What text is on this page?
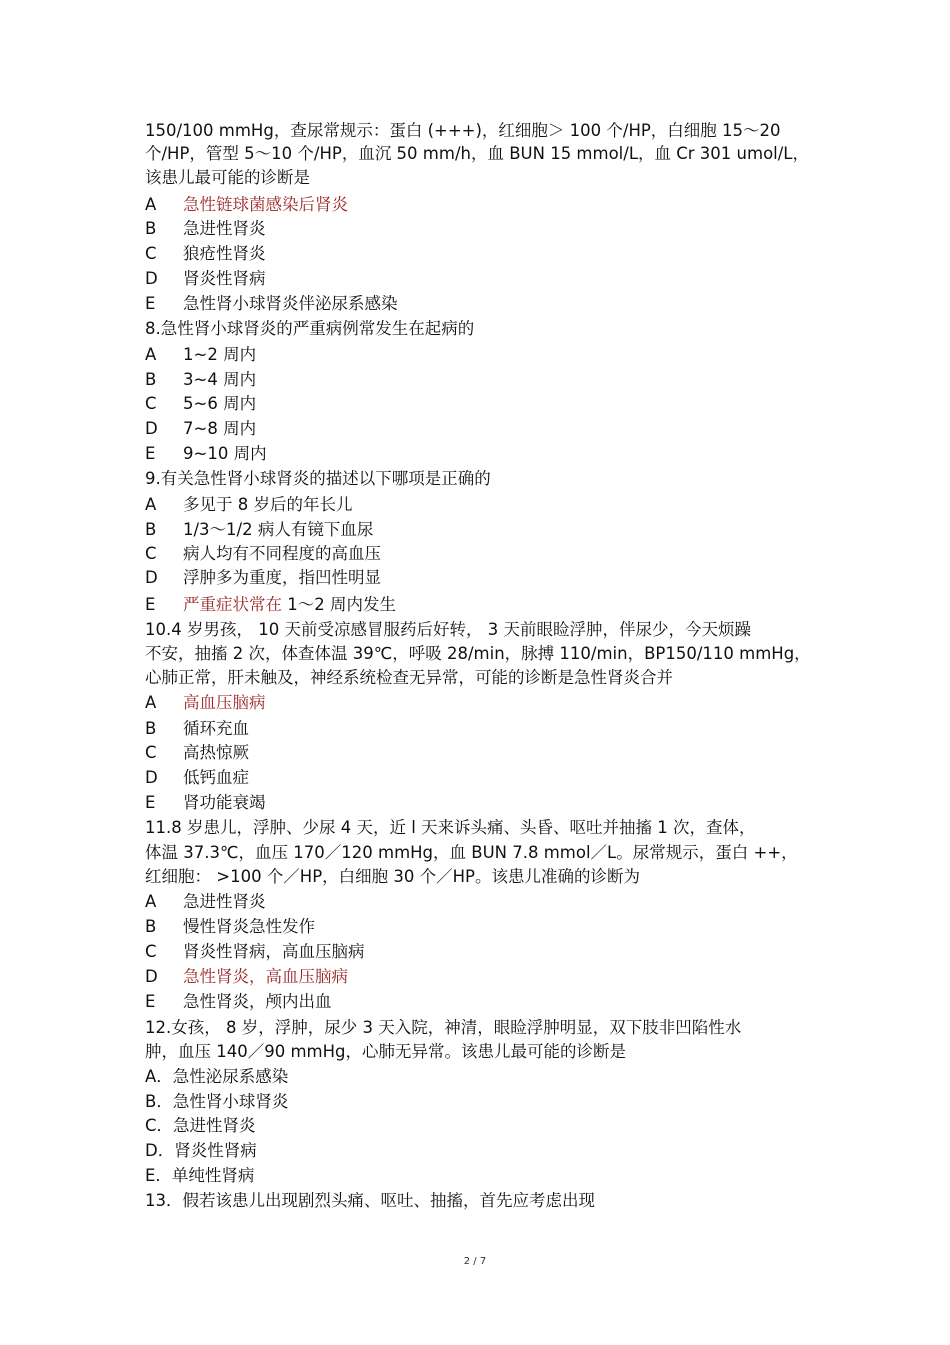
150/100 mmHg，查尿常规示：蛋白 (+++)，红细胞＞ 100 个/HP，白细胞 15～20
个/HP，管型 5～10 个/HP，血沉 50 mm/h，血 BUN 15 mmol/L，血 Cr 301 umol/L，
该患儿最可能的诊断是
A 急性链球菌感染后肾炎
B 急进性肾炎
C 狼疮性肾炎
D 肾炎性肾病
E 急性肾小球肾炎伴泌尿系感染
8.急性肾小球肾炎的严重病例常发生在起病的
A 1~2 周内
B 3~4 周内
C 5~6 周内
D 7~8 周内
E 9~10 周内
9.有关急性肾小球肾炎的描述以下哪项是正确的
A 多见于 8 岁后的年长儿
B 1/3～1/2 病人有镜下血尿
C 病人均有不同程度的高血压
D 浮肿多为重度，指凹性明显
E 严重症状常在 1～2 周内发生
10.4 岁男孩， 10 天前受凉感冒服药后好转， 3 天前眼睑浮肿，伴尿少，今天烦躁
不安，抽搐 2 次，体查体温 39℃，呼吸 28/min，脉搏 110/min，BP150/110 mmHg，
心肺正常，肝未触及，神经系统检查无异常，可能的诊断是急性肾炎合并
A 高血压脑病
B 循环充血
C 高热惊厥
D 低钙血症
E 肾功能衰竭
11.8 岁患儿，浮肿、少尿 4 天，近 l 天来诉头痛、头昏、呕吐并抽搐 1 次，查体，
体温 37.3℃，血压 170／120 mmHg，血 BUN 7.8 mmol／L。尿常规示，蛋白 ++，
红细胞： >100 个／HP，白细胞 30 个／HP。该患儿准确的诊断为
A 急进性肾炎
B 慢性肾炎急性发作
C 肾炎性肾病，高血压脑病
D 急性肾炎，高血压脑病
E 急性肾炎，颅内出血
12.女孩， 8 岁，浮肿，尿少 3 天入院，神清，眼睑浮肿明显，双下肢非凹陷性水
肿，血压 140／90 mmHg，心肺无异常。该患儿最可能的诊断是
A．急性泌尿系感染
B．急性肾小球肾炎
C．急进性肾炎
D．肾炎性肾病
E．单纯性肾病
13．假若该患儿出现剧烈头痛、呕吐、抽搐，首先应考虑出现
2 / 7
